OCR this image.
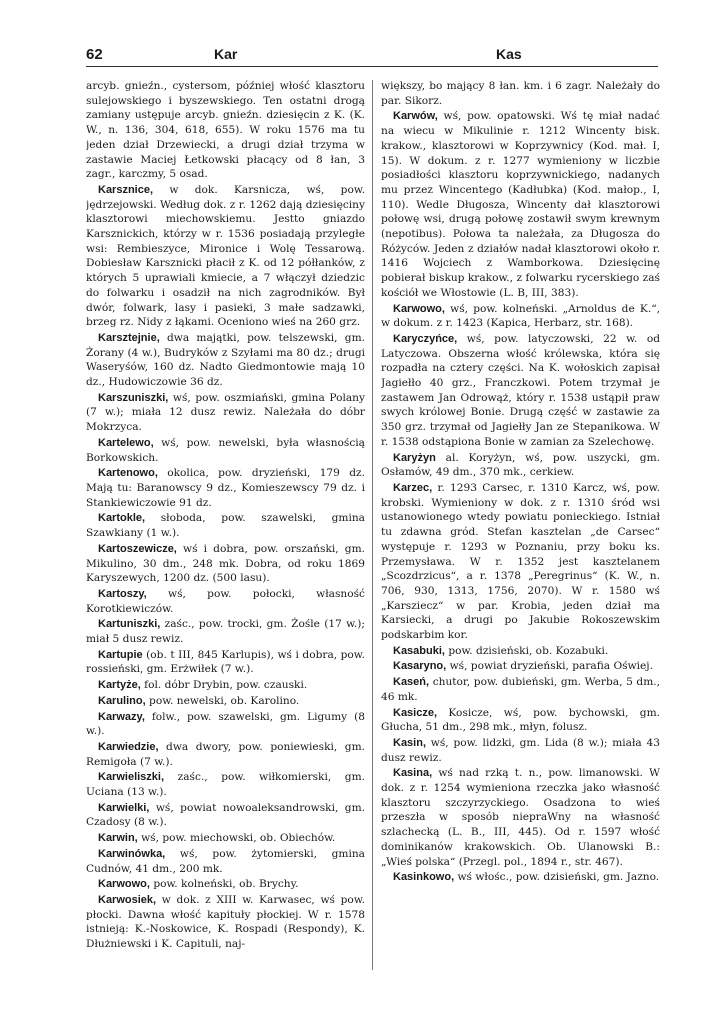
62	Kar	Kas

arcyb. gnieźn., cystersom, później włość klasztoru sulejowskiego i byszewskiego. Ten ostatni drogą zamiany ustępuje arcyb. gnieźn. dziesięcin z K. (K. W., n. 136, 304, 618, 655). W roku 1576 ma tu jeden dział Drzewiecki, a drugi dział trzyma w zastawie Maciej Łetkowski płacący od 8 łan, 3 zagr., karczmy, 5 osad.

Karsznice, w dok. Karsnicza, wś, pow. jędrzejowski. Według dok. z r. 1262 dają dziesięciny klasztorowi miechowskiemu. Jestto gniazdo Karsznickich, którzy w r. 1536 posiadają przyległe wsi: Rembieszyce, Mironice i Wolę Tessarową. Dobiesław Karsznicki płacił z K. od 12 półłanków, z których 5 uprawiali kmiecie, a 7 włączył dziedzic do folwarku i osadził na nich zagrodników. Był dwór, folwark, lasy i pasieki, 3 małe sadzawki, brzeg rz. Nidy z łąkami. Oceniono wieś na 260 grz.

Karsztejnie, dwa majątki, pow. telszewski, gm. Żorany (4 w.), Budryków z Szyłami ma 80 dz.; drugi Waseryśów, 160 dz. Nadto Giedmontowie mają 10 dz., Hudowiczowie 36 dz.

Karszuniszki, wś, pow. oszmiański, gmina Polany (7 w.); miała 12 dusz rewiz. Należała do dóbr Mokrzyca.

Kartelewo, wś, pow. newelski, była własnością Borkowskich.

Kartenowo, okolica, pow. dryzieński, 179 dz. Mają tu: Baranowscy 9 dz., Komieszewscy 79 dz. i Stankiewiczowie 91 dz.

Kartokle, słoboda, pow. szawelski, gmina Szawkiany (1 w.).

Kartoszewicze, wś i dobra, pow. orszański, gm. Mikulino, 30 dm., 248 mk. Dobra, od roku 1869 Karyszewych, 1200 dz. (500 lasu).

Kartoszy, wś, pow. połocki, własność Korotkiewiczów.

Kartuniszki, zaśc., pow. trocki, gm. Żośle (17 w.); miał 5 dusz rewiz.

Kartupie (ob. t III, 845 Karlupis), wś i dobra, pow. rossieński, gm. Erżwiłek (7 w.).

Kartyże, fol. dóbr Drybin, pow. czauski.

Karulino, pow. newelski, ob. Karolino.

Karwazy, folw., pow. szawelski, gm. Ligumy (8 w.).

Karwiedzie, dwa dwory, pow. poniewieski, gm. Remigoła (7 w.).

Karwieliszki, zaśc., pow. wiłkomierski, gm. Uciana (13 w.).

Karwielki, wś, powiat nowoaleksandrowski, gm. Czadosy (8 w.).

Karwin, wś, pow. miechowski, ob. Obiechów.

Karwinówka, wś, pow. żytomierski, gmina Cudnów, 41 dm., 200 mk.

Karwowo, pow. kolneński, ob. Brychy.

Karwosiek, w dok. z XIII w. Karwasec, wś pow. płocki. Dawna włość kapituły płockiej. W r. 1578 istnieją: K.-Noskowice, K. Rospadi (Respondy), K. Dłużniewski i K. Capituli, naj-

większy, bo mający 8 łan. km. i 6 zagr. Należały do par. Sikorz.

Karwów, wś, pow. opatowski. Wś tę miał nadać na wiecu w Mikulinie r. 1212 Wincenty bisk. krakow., klasztorowi w Koprzywnicy (Kod. mał. I, 15). W dokum. z r. 1277 wymieniony w liczbie posiadłości klasztoru koprzywnickiego, nadanych mu przez Wincentego (Kadłubka) (Kod. małop., I, 110). Wedle Długosza, Wincenty dał klasztorowi połowę wsi, drugą połowę zostawił swym krewnym (nepotibus). Połowa ta należała, za Długosza do Różyców. Jeden z działów nadał klasztorowi około r. 1416 Wojciech z Wamborkowa. Dziesięcinę pobierał biskup krakow., z folwarku rycerskiego zaś kościół we Włostowie (L. B, III, 383).

Karwowo, wś, pow. kolneński. „Arnoldus de K.“, w dokum. z r. 1423 (Kapica, Herbarz, str. 168).

Karyczyńce, wś, pow. latyczowski, 22 w. od Latyczowa. Obszerna włość królewska, która się rozpadła na cztery części. Na K. wołoskich zapisał Jagiełło 40 grz., Franczkowi. Potem trzymał je zastawem Jan Odrowąż, który r. 1538 ustąpił praw swych królowej Bonie. Drugą część w zastawie za 350 grz. trzymał od Jagiełły Jan ze Stepanikowa. W r. 1538 odstąpiona Bonie w zamian za Szelechowę.

Karyżyn al. Koryżyn, wś, pow. uszycki, gm. Osłamów, 49 dm., 370 mk., cerkiew.

Karzec, r. 1293 Carsec, r. 1310 Karcz, wś, pow. krobski. Wymieniony w dok. z r. 1310 śród wsi ustanowionego wtedy powiatu ponieckiego. Istniał tu zdawna gród. Stefan kasztelan „de Carsec“ występuje r. 1293 w Poznaniu, przy boku ks. Przemysława. W r. 1352 jest kasztelanem „Scozdrzicus“, a r. 1378 „Peregrinus“ (K. W., n. 706, 930, 1313, 1756, 2070). W r. 1580 wś „Karsziecz“ w par. Krobia, jeden dział ma Karsiecki, a drugi po Jakubie Rokoszewskim podskarbim kor.

Kasabuki, pow. dzisieński, ob. Kozabuki.

Kasaryno, wś, powiat dryzieński, parafia Oświej.

Kaseń, chutor, pow. dubieński, gm. Werba, 5 dm., 46 mk.

Kasicze, Kosicze, wś, pow. bychowski, gm. Głucha, 51 dm., 298 mk., młyn, folusz.

Kasin, wś, pow. lidzki, gm. Lida (8 w.); miała 43 dusz rewiz.

Kasina, wś nad rzką t. n., pow. limanowski. W dok. z r. 1254 wymieniona rzeczka jako własność klasztoru szczyrzyckiego. Osadzona to wieś przeszła w sposób niepraWny na własność szlachecką (L. B., III, 445). Od r. 1597 włość dominikanów krakowskich. Ob. Ulanowski B.: „Wieś polska“ (Przegl. pol., 1894 r., str. 467).

Kasinkowo, wś włośc., pow. dzisieński, gm. Jazno.
